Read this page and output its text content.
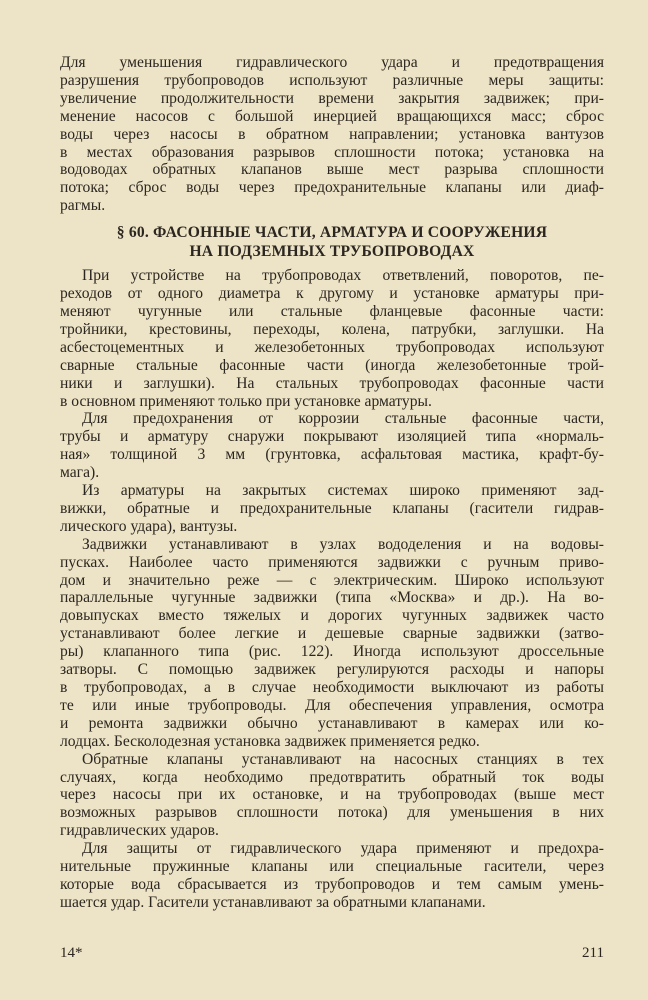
Для уменьшения гидравлического удара и предотвращения
разрушения трубопроводов используют различные меры защиты:
увеличение продолжительности времени закрытия задвижек; при-
менение насосов с большой инерцией вращающихся масс; сброс
воды через насосы в обратном направлении; установка вантузов
в местах образования разрывов сплошности потока; установка на
водоводах обратных клапанов выше мест разрыва сплошности
потока; сброс воды через предохранительные клапаны или диаф-
рагмы.

§ 60. ФАСОННЫЕ ЧАСТИ, АРМАТУРА И СООРУЖЕНИЯ
НА ПОДЗЕМНЫХ ТРУБОПРОВОДАХ

При устройстве на трубопроводах ответвлений, поворотов, пе-
реходов от одного диаметра к другому и установке арматуры при-
меняют чугунные или стальные фланцевые фасонные части:
тройники, крестовины, переходы, колена, патрубки, заглушки. На
асбестоцементных и железобетонных трубопроводах используют
сварные стальные фасонные части (иногда железобетонные трой-
ники и заглушки). На стальных трубопроводах фасонные части
в основном применяют только при установке арматуры.

Для предохранения от коррозии стальные фасонные части,
трубы и арматуру снаружи покрывают изоляцией типа «нормаль-
ная» толщиной 3 мм (грунтовка, асфальтовая мастика, крафт-бу-
мага).

Из арматуры на закрытых системах широко применяют зад-
вижки, обратные и предохранительные клапаны (гасители гидрав-
лического удара), вантузы.

Задвижки устанавливают в узлах вододеления и на водовы-
пусках. Наиболее часто применяются задвижки с ручным приво-
дом и значительно реже — с электрическим. Широко используют
параллельные чугунные задвижки (типа «Москва» и др.). На во-
довыпусках вместо тяжелых и дорогих чугунных задвижек часто
устанавливают более легкие и дешевые сварные задвижки (затво-
ры) клапанного типа (рис. 122). Иногда используют дроссельные
затворы. С помощью задвижек регулируются расходы и напоры
в трубопроводах, а в случае необходимости выключают из работы
те или иные трубопроводы. Для обеспечения управления, осмотра
и ремонта задвижки обычно устанавливают в камерах или ко-
лодцах. Бесколодезная установка задвижек применяется редко.

Обратные клапаны устанавливают на насосных станциях в тех
случаях, когда необходимо предотвратить обратный ток воды
через насосы при их остановке, и на трубопроводах (выше мест
возможных разрывов сплошности потока) для уменьшения в них
гидравлических ударов.

Для защиты от гидравлического удара применяют и предохра-
нительные пружинные клапаны или специальные гасители, через
которые вода сбрасывается из трубопроводов и тем самым умень-
шается удар. Гасители устанавливают за обратными клапанами.

14*	211
